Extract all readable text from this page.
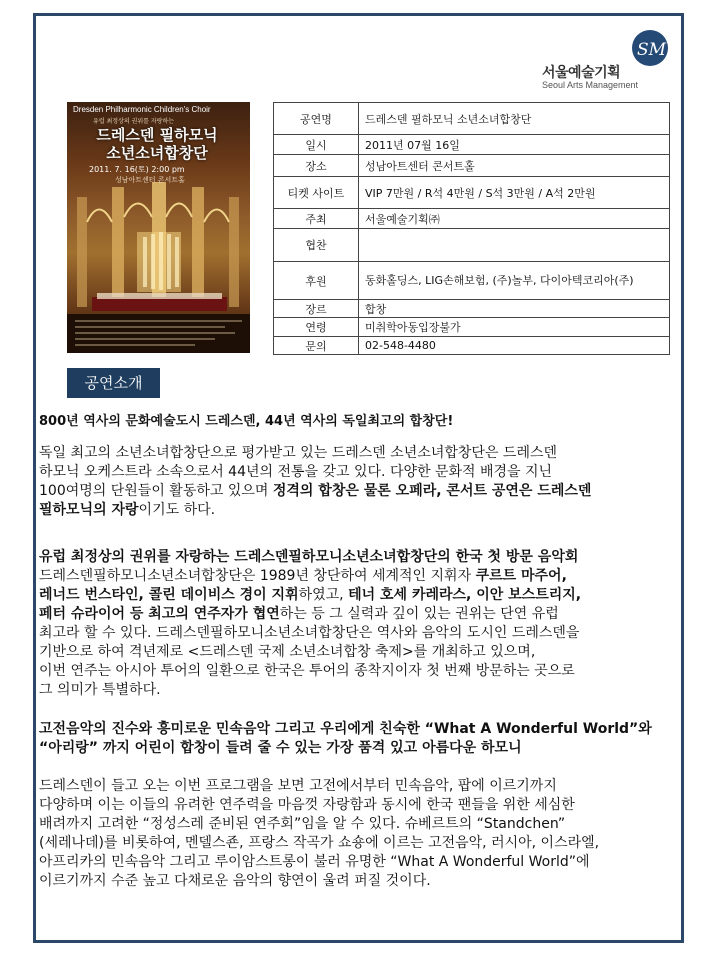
SM
서울예술기획
Seoul Arts Management
Dresden Philharmonic Children's Choir
유럽 최정상의 권위를 자랑하는
드레스덴 필하모닉
소년소녀합창단
2011. 7. 16(토) 2:00 pm
성남아트센터 콘서트홀
공연명	드레스덴 필하모닉 소년소녀합창단
일시	2011년 07월 16일
장소	성남아트센터 콘서트홀
티켓 사이트	VIP 7만원 / R석 4만원 / S석 3만원 / A석 2만원
주최	서울예술기획㈜
협찬	
후원	동화홀딩스, LIG손해보험, (주)놀부, 다이아텍코리아(주)
장르	합창
연령	미취학아동입장불가
문의	02-548-4480
공연소개

800년 역사의 문화예술도시 드레스덴, 44년 역사의 독일최고의 합창단!

독일 최고의 소년소녀합창단으로 평가받고 있는 드레스덴 소년소녀합창단은 드레스덴

하모닉 오케스트라 소속으로서 44년의 전통을 갖고 있다. 다양한 문화적 배경을 지닌

100여명의 단원들이 활동하고 있으며 정격의 합창은 물론 오페라, 콘서트 공연은 드레스덴

필하모닉의 자랑이기도 하다.

유럽 최정상의 권위를 자랑하는 드레스덴필하모니소년소녀합창단의 한국 첫 방문 음악회

드레스덴필하모니소년소녀합창단은 1989년 창단하여 세계적인 지휘자 쿠르트 마주어,

레너드 번스타인, 콜린 데이비스 경이 지휘하였고, 테너 호세 카레라스, 이안 보스트리지,

페터 슈라이어 등 최고의 연주자가 협연하는 등 그 실력과 깊이 있는 권위는 단연 유럽

최고라 할 수 있다. 드레스덴필하모니소년소녀합창단은 역사와 음악의 도시인 드레스덴을

기반으로 하여 격년제로 <드레스덴 국제 소년소녀합창 축제>를 개최하고 있으며,

이번 연주는 아시아 투어의 일환으로 한국은 투어의 종착지이자 첫 번째 방문하는 곳으로

그 의미가 특별하다.

고전음악의 진수와 흥미로운 민속음악 그리고 우리에게 친숙한 “What A Wonderful World”와

“아리랑” 까지 어린이 합창이 들려 줄 수 있는 가장 품격 있고 아름다운 하모니

드레스덴이 들고 오는 이번 프로그램을 보면 고전에서부터 민속음악, 팝에 이르기까지

다양하며 이는 이들의 유려한 연주력을 마음껏 자랑함과 동시에 한국 팬들을 위한 세심한

배려까지 고려한 “정성스레 준비된 연주회”임을 알 수 있다. 슈베르트의 “Standchen”

(세레나데)를 비롯하여, 멘델스죤, 프랑스 작곡가 쇼숑에 이르는 고전음악, 러시아, 이스라엘,

아프리카의 민속음악 그리고 루이암스트롱이 불러 유명한 “What A Wonderful World”에

이르기까지 수준 높고 다채로운 음악의 향연이 울려 퍼질 것이다.
